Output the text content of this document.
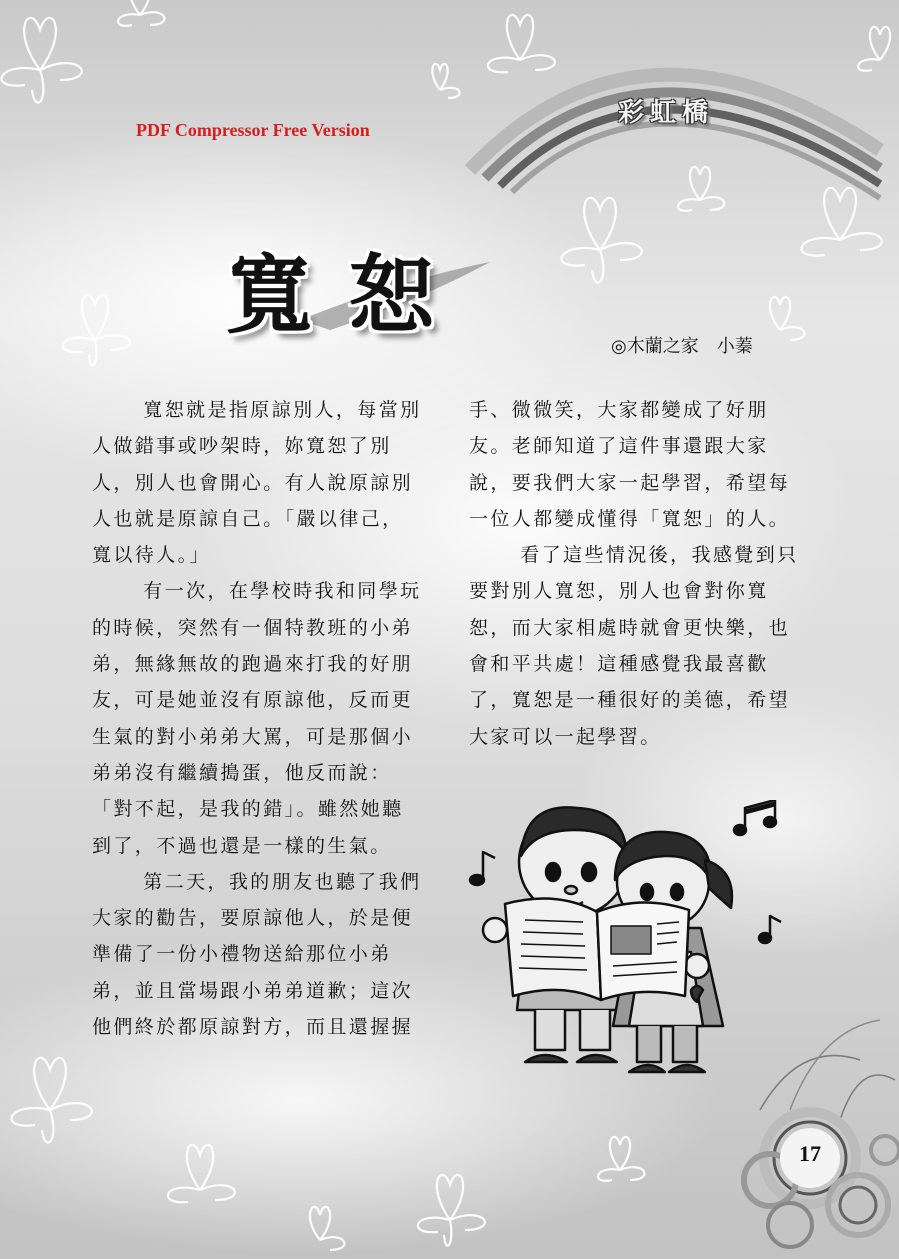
PDF Compressor Free Version
彩虹橋
寬恕
◎木蘭之家　小蓁

寬恕就是指原諒別人，每當別人做錯事或吵架時，妳寬恕了別人，別人也會開心。有人說原諒別人也就是原諒自己。「嚴以律己，寬以待人。」

有一次，在學校時我和同學玩的時候，突然有一個特教班的小弟弟，無緣無故的跑過來打我的好朋友，可是她並沒有原諒他，反而更生氣的對小弟弟大罵，可是那個小弟弟沒有繼續搗蛋，他反而說：「對不起，是我的錯」。雖然她聽到了，不過也還是一樣的生氣。

第二天，我的朋友也聽了我們大家的勸告，要原諒他人，於是便準備了一份小禮物送給那位小弟弟，並且當場跟小弟弟道歉；這次他們終於都原諒對方，而且還握握

手、微微笑，大家都變成了好朋友。老師知道了這件事還跟大家說，要我們大家一起學習，希望每一位人都變成懂得「寬恕」的人。

看了這些情況後，我感覺到只要對別人寬恕，別人也會對你寬恕，而大家相處時就會更快樂，也會和平共處！這種感覺我最喜歡了，寬恕是一種很好的美德，希望大家可以一起學習。

17
